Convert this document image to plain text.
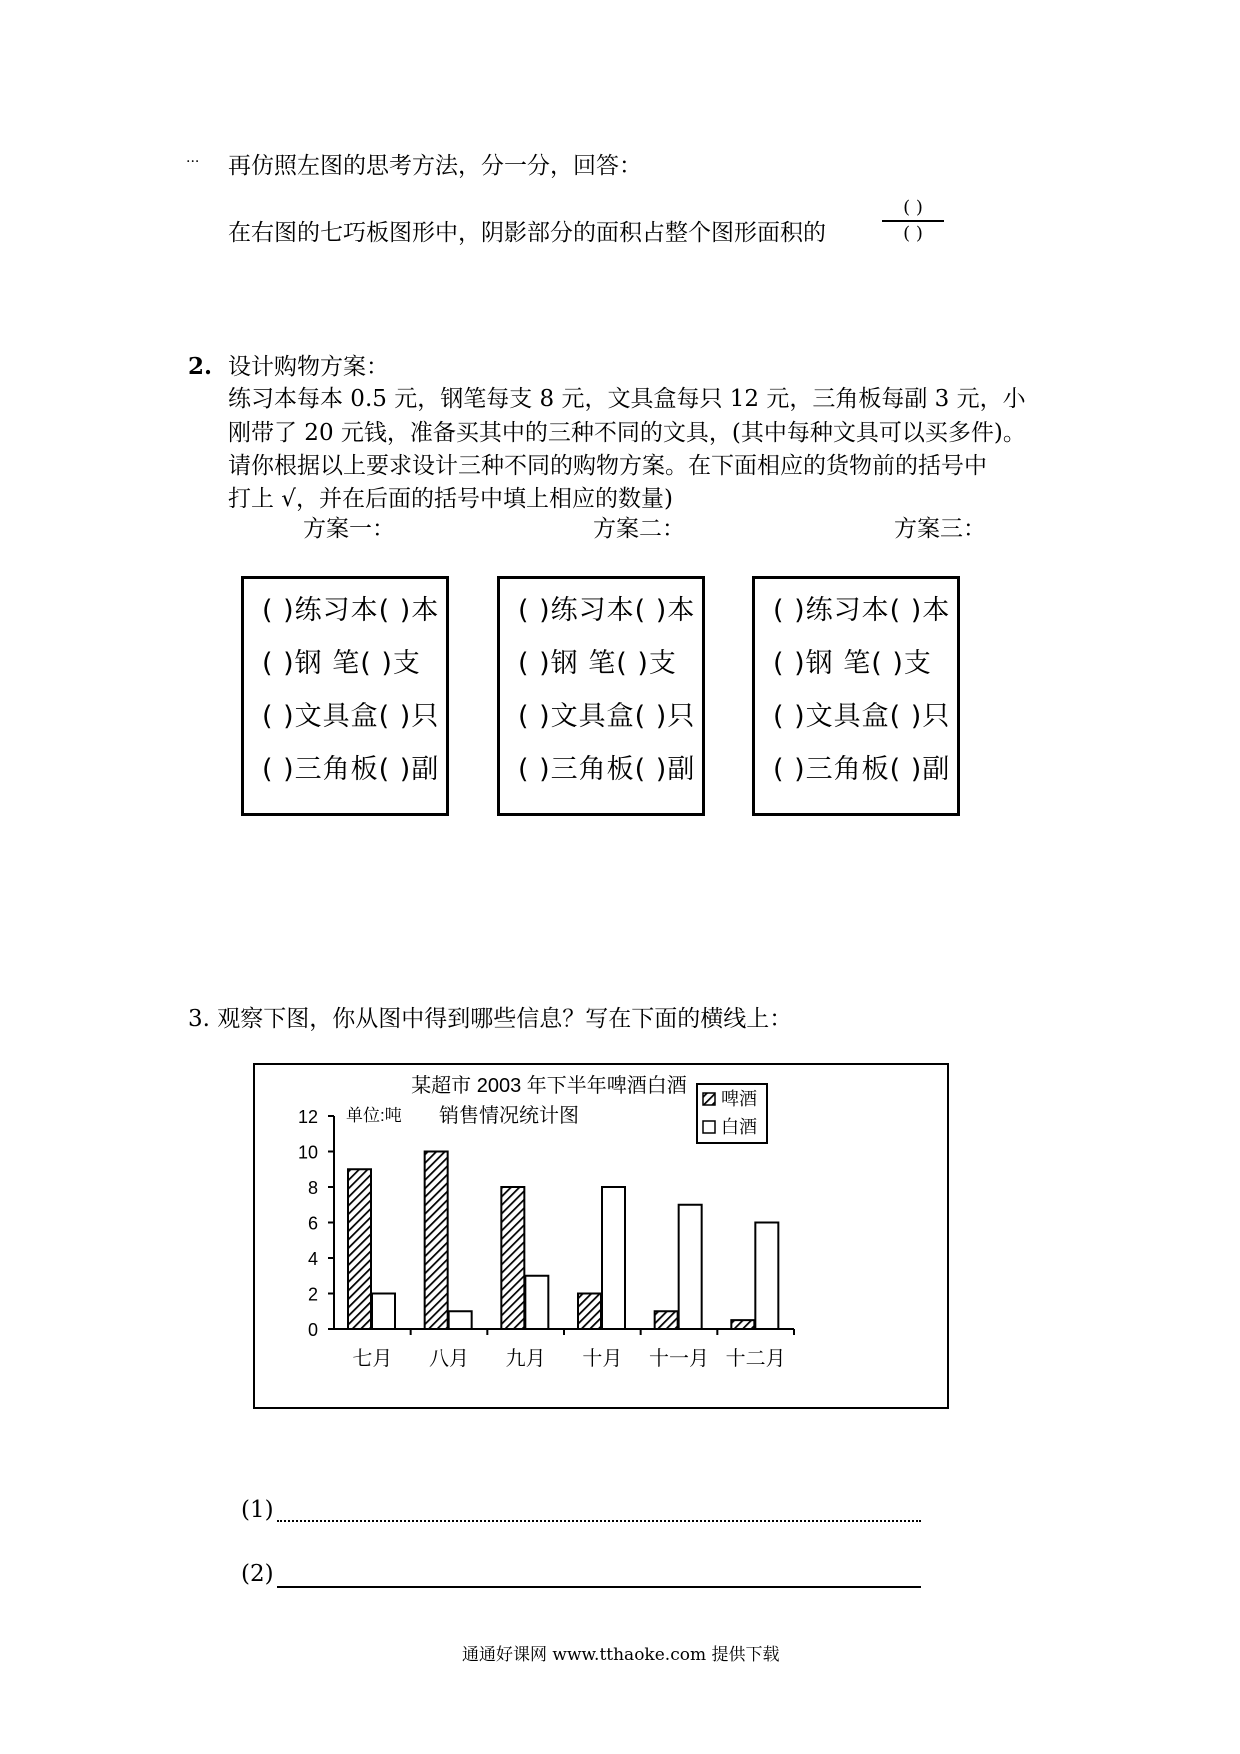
... 再仿照左图的思考方法，分一分，回答：
在右图的七巧板图形中，阴影部分的面积占整个图形面积的
( )
( )
2. 设计购物方案：
练习本每本 0.5 元，钢笔每支 8 元，文具盒每只 12 元，三角板每副 3 元，小
刚带了 20 元钱，准备买其中的三种不同的文具，(其中每种文具可以买多件)。
请你根据以上要求设计三种不同的购物方案。在下面相应的货物前的括号中
打上 √，并在后面的括号中填上相应的数量)
方案一：	方案二：	方案三：
( )练习本( )本
( )钢 笔( )支
( )文具盒( )只
( )三角板( )副
( )练习本( )本
( )钢 笔( )支
( )文具盒( )只
( )三角板( )副
( )练习本( )本
( )钢 笔( )支
( )文具盒( )只
( )三角板( )副
3. 观察下图，你从图中得到哪些信息？写在下面的横线上：
0
2
4
6
8
10
12
七月 八月 九月 十月 十一月 十二月
某超市 2003 年下半年啤酒白酒
单位:吨 销售情况统计图
啤酒
白酒
(1)
(2)
通通好课网 www.tthaoke.com 提供下载
